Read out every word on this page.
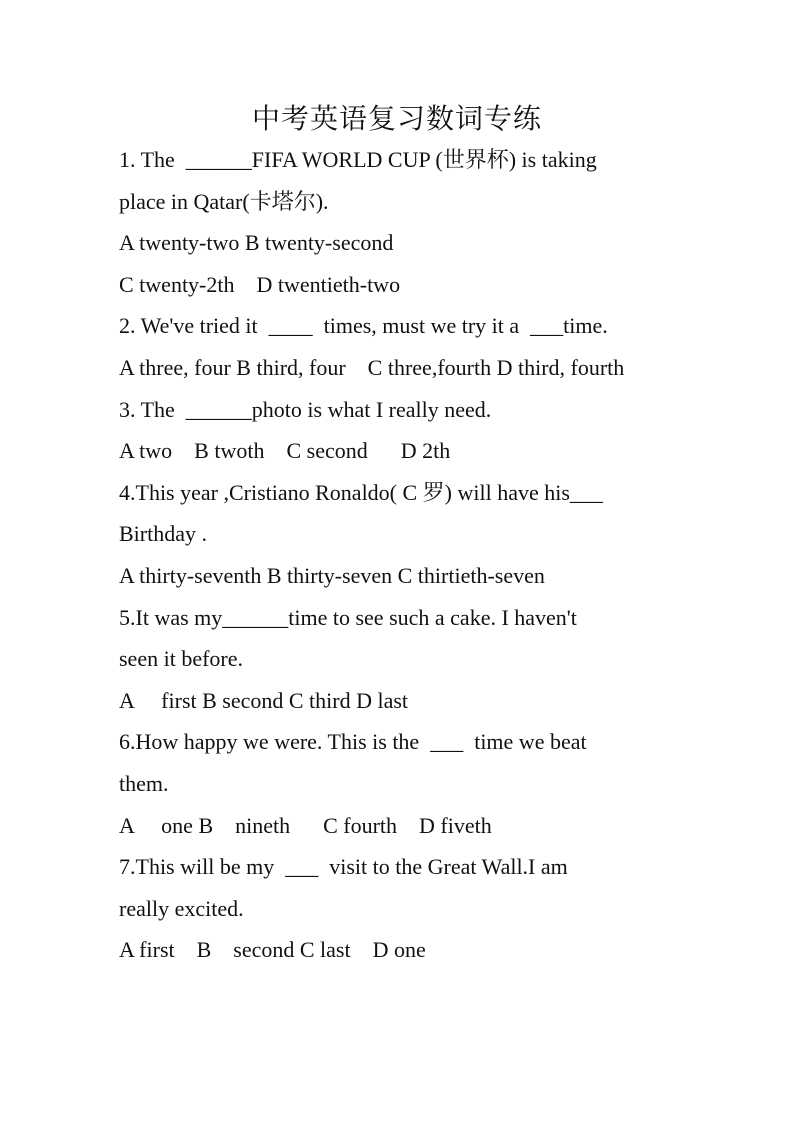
中考英语复习数词专练

1. The  ______FIFA WORLD CUP (世界杯) is taking

place in Qatar(卡塔尔).

A twenty-two B twenty-second

C twenty-2th    D twentieth-two

2. We've tried it  ____  times, must we try it a  ___time.

A three, four B third, four    C three,fourth D third, fourth

3. The  ______photo is what I really need.

A two    B twoth    C second      D 2th

4.This year ,Cristiano Ronaldo( C 罗) will have his___

Birthday .

A thirty-seventh B thirty-seven C thirtieth-seven

5.It was my______time to see such a cake. I haven't

seen it before.

A     first B second C third D last

6.How happy we were. This is the  ___  time we beat

them.

A     one B    nineth      C fourth    D fiveth

7.This will be my  ___  visit to the Great Wall.I am

really excited.

A first    B    second C last    D one
